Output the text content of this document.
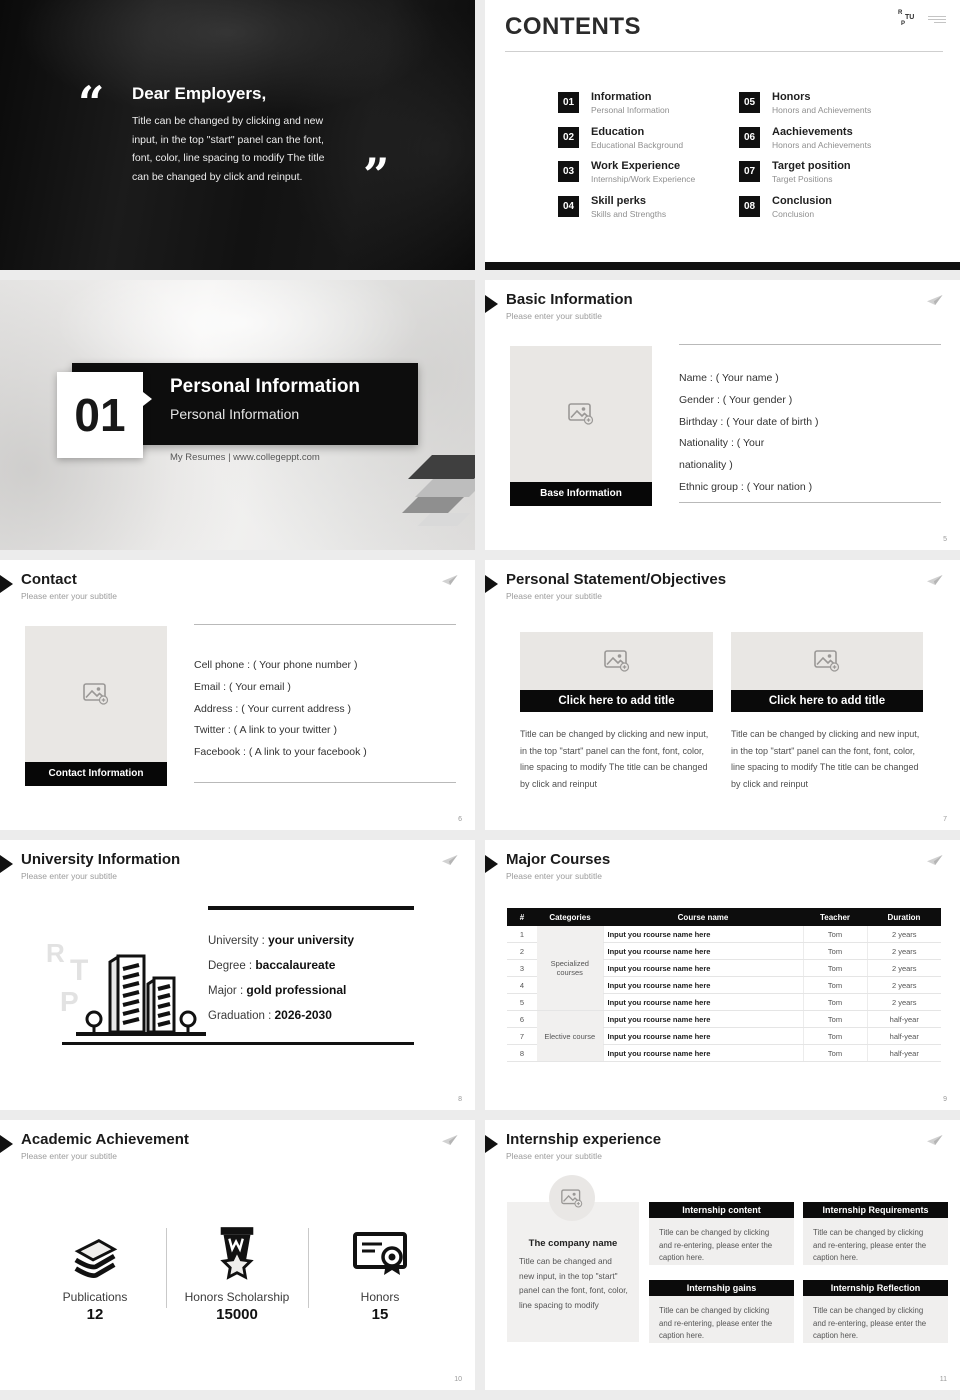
“ Dear Employers,
Title can be changed by clicking and new input, in the top "start" panel can the font, font, color, line spacing to modify The title can be changed by click and reinput.	”
CONTENTS	R
TU
P
01	Information
Personal Information
02	Education
Educational Background
03	Work Experience
Internship/Work Experience
04	Skill perks
Skills and Strengths
05	Honors
Honors and Achievements
06	Aachievements
Honors and Achievements
07	Target position
Target Positions
08	Conclusion
Conclusion
01
Personal Information
Personal Information
My Resumes | www.collegeppt.com
Basic Information
Please enter your subtitle
Base Information
Name : ( Your name )
Gender : ( Your gender )
Birthday : ( Your date of birth )
Nationality : ( Your
nationality )
Ethnic group : ( Your nation )
5
Contact
Please enter your subtitle
Contact Information
Cell phone : ( Your phone number )
Email : ( Your email )
Address : ( Your current address )
Twitter : ( A link to your twitter )
Facebook : ( A link to your facebook )
6
Personal Statement/Objectives
Please enter your subtitle
Click here to add title
Title can be changed by clicking and new input, in the top "start" panel can the font, font, color, line spacing to modify The title can be changed by click and reinput
Click here to add title
Title can be changed by clicking and new input, in the top "start" panel can the font, font, color, line spacing to modify The title can be changed by click and reinput
7
University Information
Please enter your subtitle
R
T
P
University : your university
Degree : baccalaureate
Major : gold professional
Graduation : 2026-2030
8
Major Courses
Please enter your subtitle
#	Categories	Course name	Teacher	Duration
1	Specialized courses	Input you rcourse name here	Tom	2 years
2		Input you rcourse name here	Tom	2 years
3		Input you rcourse name here	Tom	2 years
4		Input you rcourse name here	Tom	2 years
5		Input you rcourse name here	Tom	2 years
6	Elective course	Input you rcourse name here	Tom	half-year
7		Input you rcourse name here	Tom	half-year
8		Input you rcourse name here	Tom	half-year
9
Academic Achievement
Please enter your subtitle
Publications
12
Honors Scholarship
15000
Honors
15
10
Internship experience
Please enter your subtitle
The company name
Title can be changed and new input, in the top "start" panel can the font, font, color, line spacing to modify
Internship content
Title can be changed by clicking and re-entering, please enter the caption here.
Internship Requirements
Title can be changed by clicking and re-entering, please enter the caption here.
Internship gains
Title can be changed by clicking and re-entering, please enter the caption here.
Internship Reflection
Title can be changed by clicking and re-entering, please enter the caption here.
11
